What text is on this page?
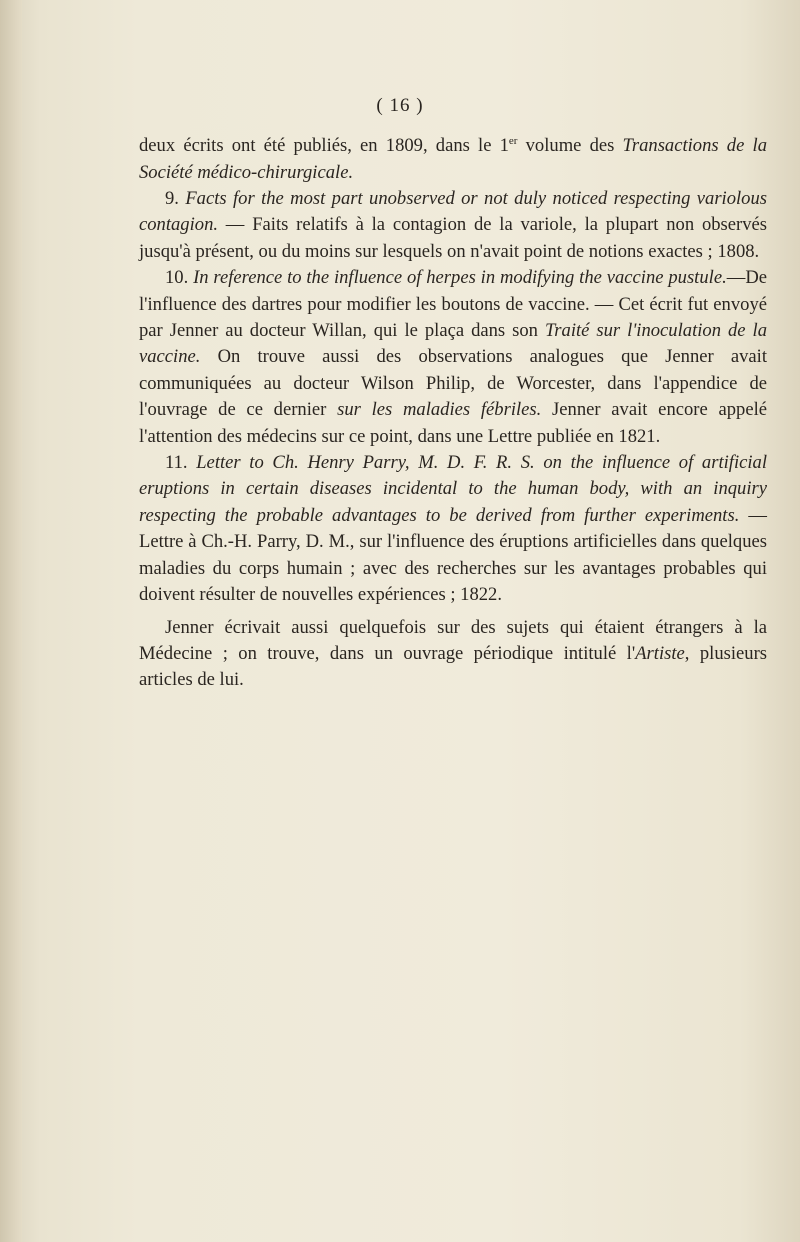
( 16 )

deux écrits ont été publiés, en 1809, dans le 1er volume des Transactions de la Société médico-chirurgicale.

9. Facts for the most part unobserved or not duly noticed respecting variolous contagion. — Faits relatifs à la contagion de la variole, la plupart non observés jusqu'à présent, ou du moins sur lesquels on n'avait point de notions exactes ; 1808.

10. In reference to the influence of herpes in modifying the vaccine pustule.—De l'influence des dartres pour modifier les boutons de vaccine. — Cet écrit fut envoyé par Jenner au docteur Willan, qui le plaça dans son Traité sur l'inoculation de la vaccine. On trouve aussi des observations analogues que Jenner avait communiquées au docteur Wilson Philip, de Worcester, dans l'appendice de l'ouvrage de ce dernier sur les maladies fébriles. Jenner avait encore appelé l'attention des médecins sur ce point, dans une Lettre publiée en 1821.

11. Letter to Ch. Henry Parry, M. D. F. R. S. on the influence of artificial eruptions in certain diseases incidental to the human body, with an inquiry respecting the probable advantages to be derived from further experiments. — Lettre à Ch.-H. Parry, D. M., sur l'influence des éruptions artificielles dans quelques maladies du corps humain ; avec des recherches sur les avantages probables qui doivent résulter de nouvelles expériences ; 1822.

Jenner écrivait aussi quelquefois sur des sujets qui étaient étrangers à la Médecine ; on trouve, dans un ouvrage périodique intitulé l'Artiste, plusieurs articles de lui.
